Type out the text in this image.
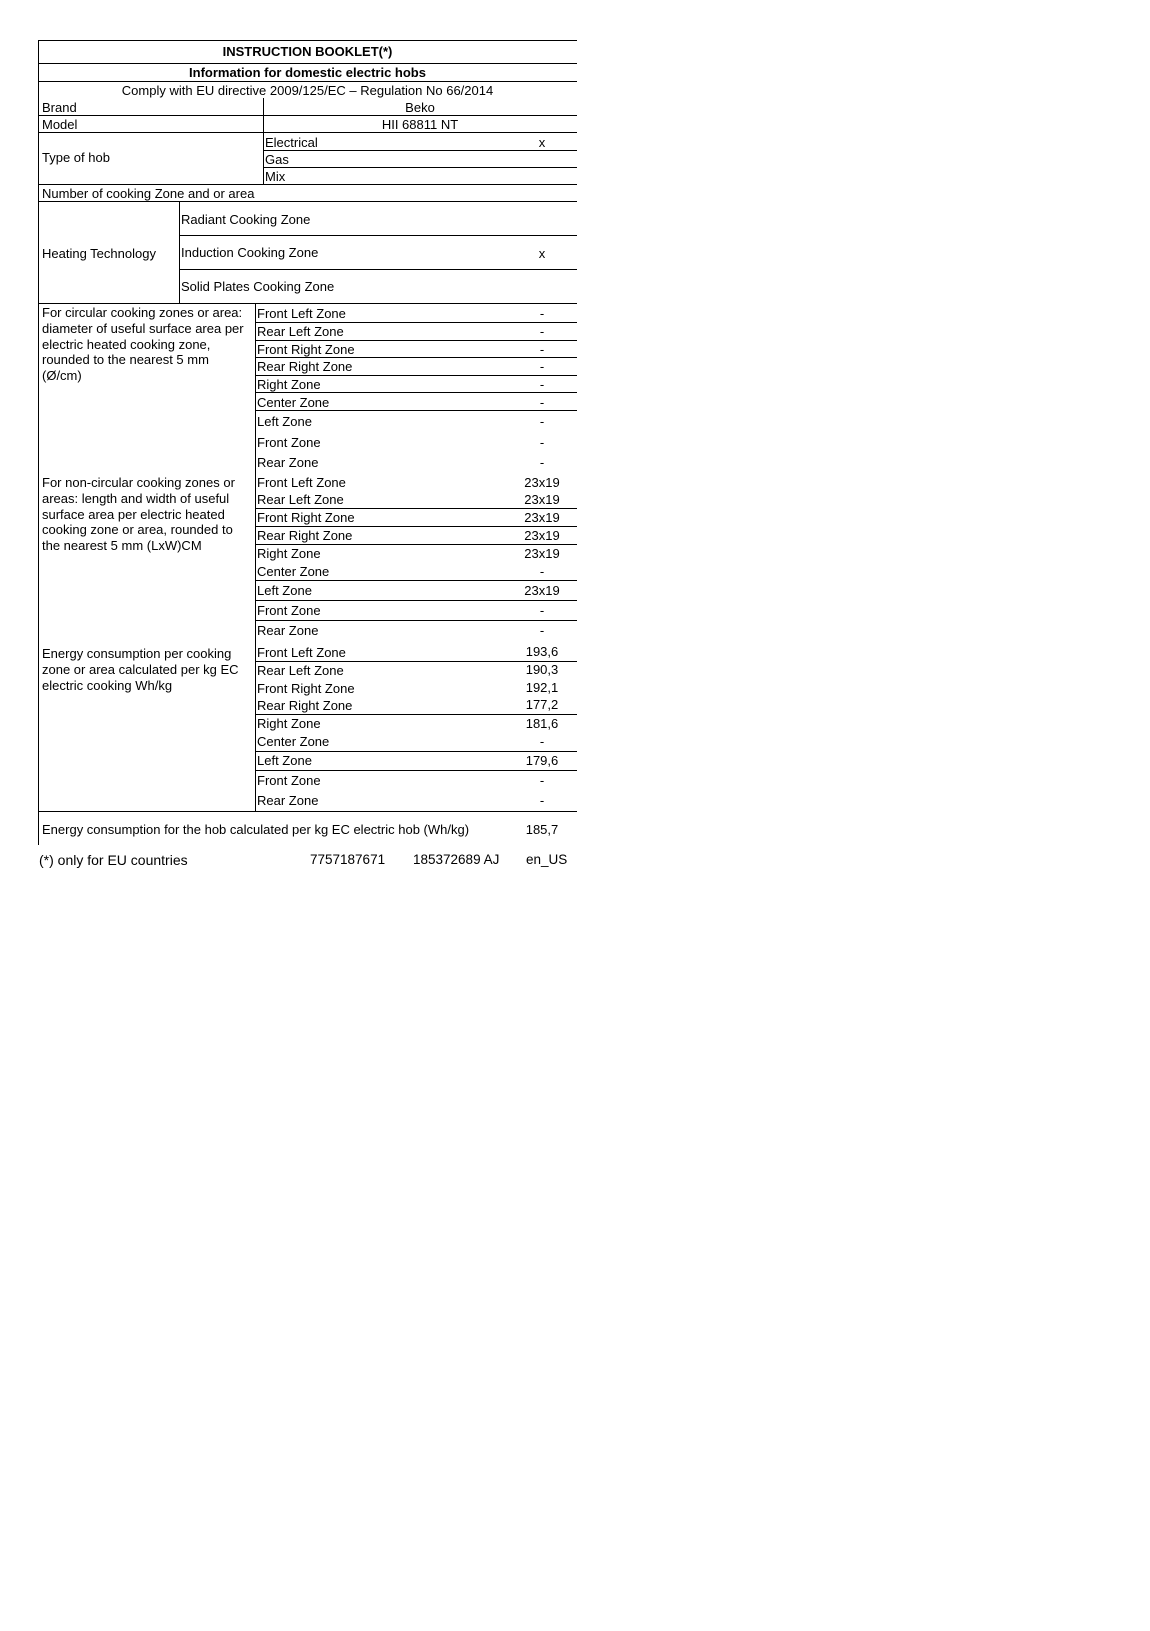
INSTRUCTION BOOKLET(*)
Information for domestic electric hobs
Comply with EU directive 2009/125/EC – Regulation No 66/2014
Brand	Beko
Model	HII 68811 NT
Type of hob
Electrical	x
Gas
Mix
Number of cooking Zone and or area
Heating Technology
Radiant Cooking Zone
Induction Cooking Zone	x
Solid Plates Cooking Zone
For circular cooking zones or area: diameter of useful surface area per electric heated cooking zone, rounded to the nearest 5 mm (Ø/cm)
For non-circular cooking zones or areas: length and width of useful surface area per electric heated cooking zone or area, rounded to the nearest 5 mm (LxW)CM
Energy consumption per cooking zone or area calculated per kg EC electric cooking Wh/kg
Front Left Zone	-
Rear Left Zone	-
Front Right Zone	-
Rear Right Zone	-
Right Zone	-
Center Zone	-
Left Zone	-
Front Zone	-
Rear Zone	-
Front Left Zone	23x19
Rear Left Zone	23x19
Front Right Zone	23x19
Rear Right Zone	23x19
Right Zone	23x19
Center Zone	-
Left Zone	23x19
Front Zone	-
Rear Zone	-
Front Left Zone	193,6
Rear Left Zone	190,3
Front Right Zone	192,1
Rear Right Zone	177,2
Right Zone	181,6
Center Zone	-
Left Zone	179,6
Front Zone	-
Rear Zone	-
Energy consumption for the hob calculated per kg EC electric hob (Wh/kg)	185,7
(*) only for EU countries	7757187671 185372689 AJ en_US
